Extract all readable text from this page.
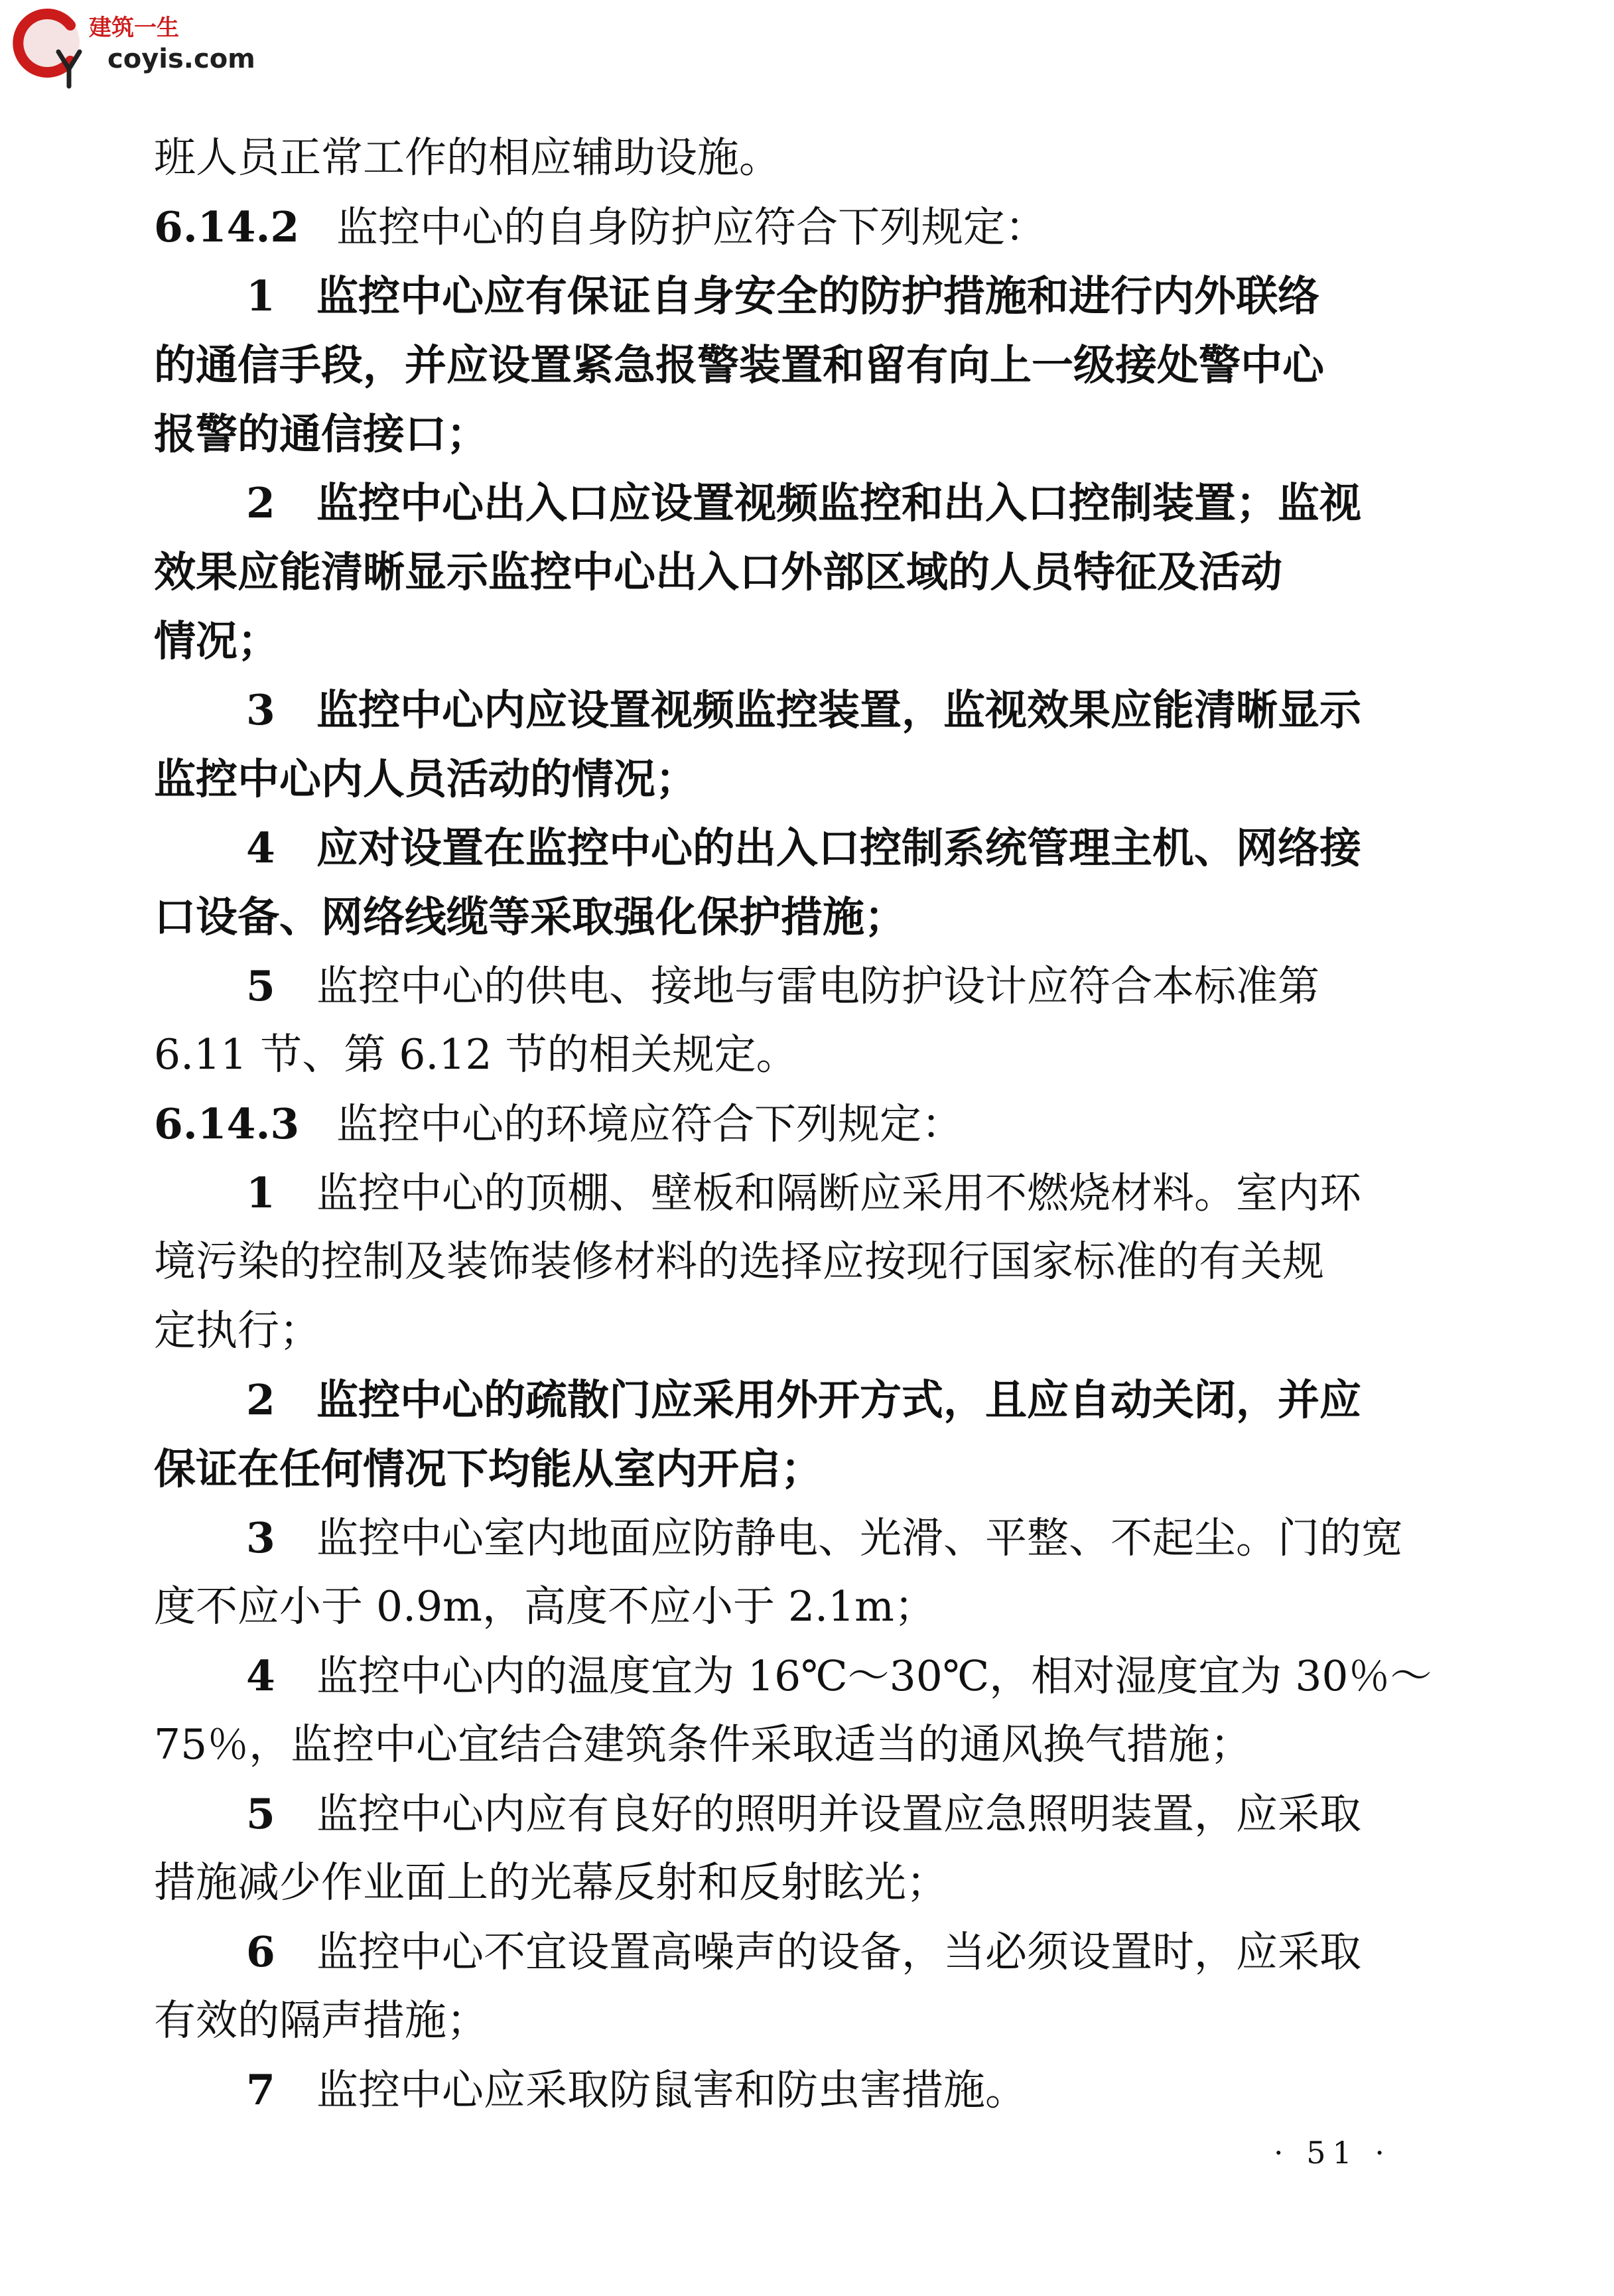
建筑一生
coyis.com
班人员正常工作的相应辅助设施。
6.14.2 监控中心的自身防护应符合下列规定：
1 监控中心应有保证自身安全的防护措施和进行内外联络
的通信手段，并应设置紧急报警装置和留有向上一级接处警中心
报警的通信接口；
2 监控中心出入口应设置视频监控和出入口控制装置；监视
效果应能清晰显示监控中心出入口外部区域的人员特征及活动
情况；
3 监控中心内应设置视频监控装置，监视效果应能清晰显示
监控中心内人员活动的情况；
4 应对设置在监控中心的出入口控制系统管理主机、网络接
口设备、网络线缆等采取强化保护措施；
5 监控中心的供电、接地与雷电防护设计应符合本标准第
6.11 节、第 6.12 节的相关规定。
6.14.3 监控中心的环境应符合下列规定：
1 监控中心的顶棚、壁板和隔断应采用不燃烧材料。室内环
境污染的控制及装饰装修材料的选择应按现行国家标准的有关规
定执行；
2 监控中心的疏散门应采用外开方式，且应自动关闭，并应
保证在任何情况下均能从室内开启；
3 监控中心室内地面应防静电、光滑、平整、不起尘。门的宽
度不应小于 0.9m，高度不应小于 2.1m；
4 监控中心内的温度宜为 16℃～30℃，相对湿度宜为 30％～
75％，监控中心宜结合建筑条件采取适当的通风换气措施；
5 监控中心内应有良好的照明并设置应急照明装置，应采取
措施减少作业面上的光幕反射和反射眩光；
6 监控中心不宜设置高噪声的设备，当必须设置时，应采取
有效的隔声措施；
7 监控中心应采取防鼠害和防虫害措施。
· 51 ·
